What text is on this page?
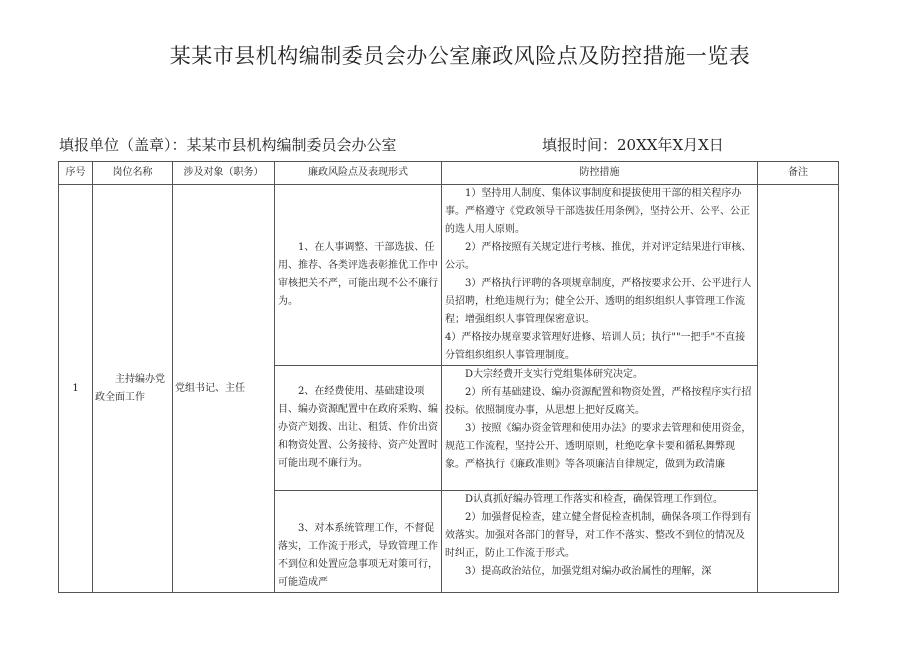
某某市县机构编制委员会办公室廉政风险点及防控措施一览表
填报单位（盖章）：某某市县机构编制委员会办公室	填报时间：20XX年X月X日
序号	岗位名称	涉及对象（职务）	廉政风险点及表现形式	防控措施	备注
1	主持编办党政全面工作	党组书记、主任	1、在人事调整、干部选拔、任用、推荐、各类评选表彰推优工作中审核把关不严，可能出现不公不廉行为。	1）坚持用人制度、集体议事制度和提拔使用干部的相关程序办事。严格遵守《党政领导干部选拔任用条例》，坚持公开、公平、公正的选人用人原则。

2）严格按照有关规定进行考核、推优，并对评定结果进行审核、公示。

3）严格执行评聘的各项规章制度，严格按要求公开、公平进行人员招聘，杜绝违规行为；健全公开、透明的组织组织人事管理工作流程；增强组织人事管理保密意识。

4）严格按办规章要求管理好进修、培训人员；执行""一把手"不直接分管组织组织人事管理制度。	

			2、在经费使用、基础建设项目、编办资源配置中在政府采购、编办资产划拨、出让、租赁、作价出资和物资处置、公务接待、资产处置时可能出现不廉行为。	D大宗经费开支实行党组集体研究决定。

2）所有基础建设、编办资源配置和物资处置，严格按程序实行招投标。依照制度办事，从思想上把好反腐关。

3）按照《编办资金管理和使用办法》的要求去管理和使用资金，规范工作流程，坚持公开、透明原则，杜绝吃拿卡要和循私舞弊现象。严格执行《廉政准则》等各项廉洁自律规定，做到为政清廉	

			3、对本系统管理工作，不督促落实，工作流于形式，导致管理工作不到位和处置应急事项无对策可行，可能造成严	D认真抓好编办管理工作落实和检查，确保管理工作到位。

2）加强督促检查，建立健全督促检查机制，确保各项工作得到有效落实。加强对各部门的督导，对工作不落实、整改不到位的情况及时纠正，防止工作流于形式。

3）提高政治站位，加强党组对编办政治属性的理解，深	
